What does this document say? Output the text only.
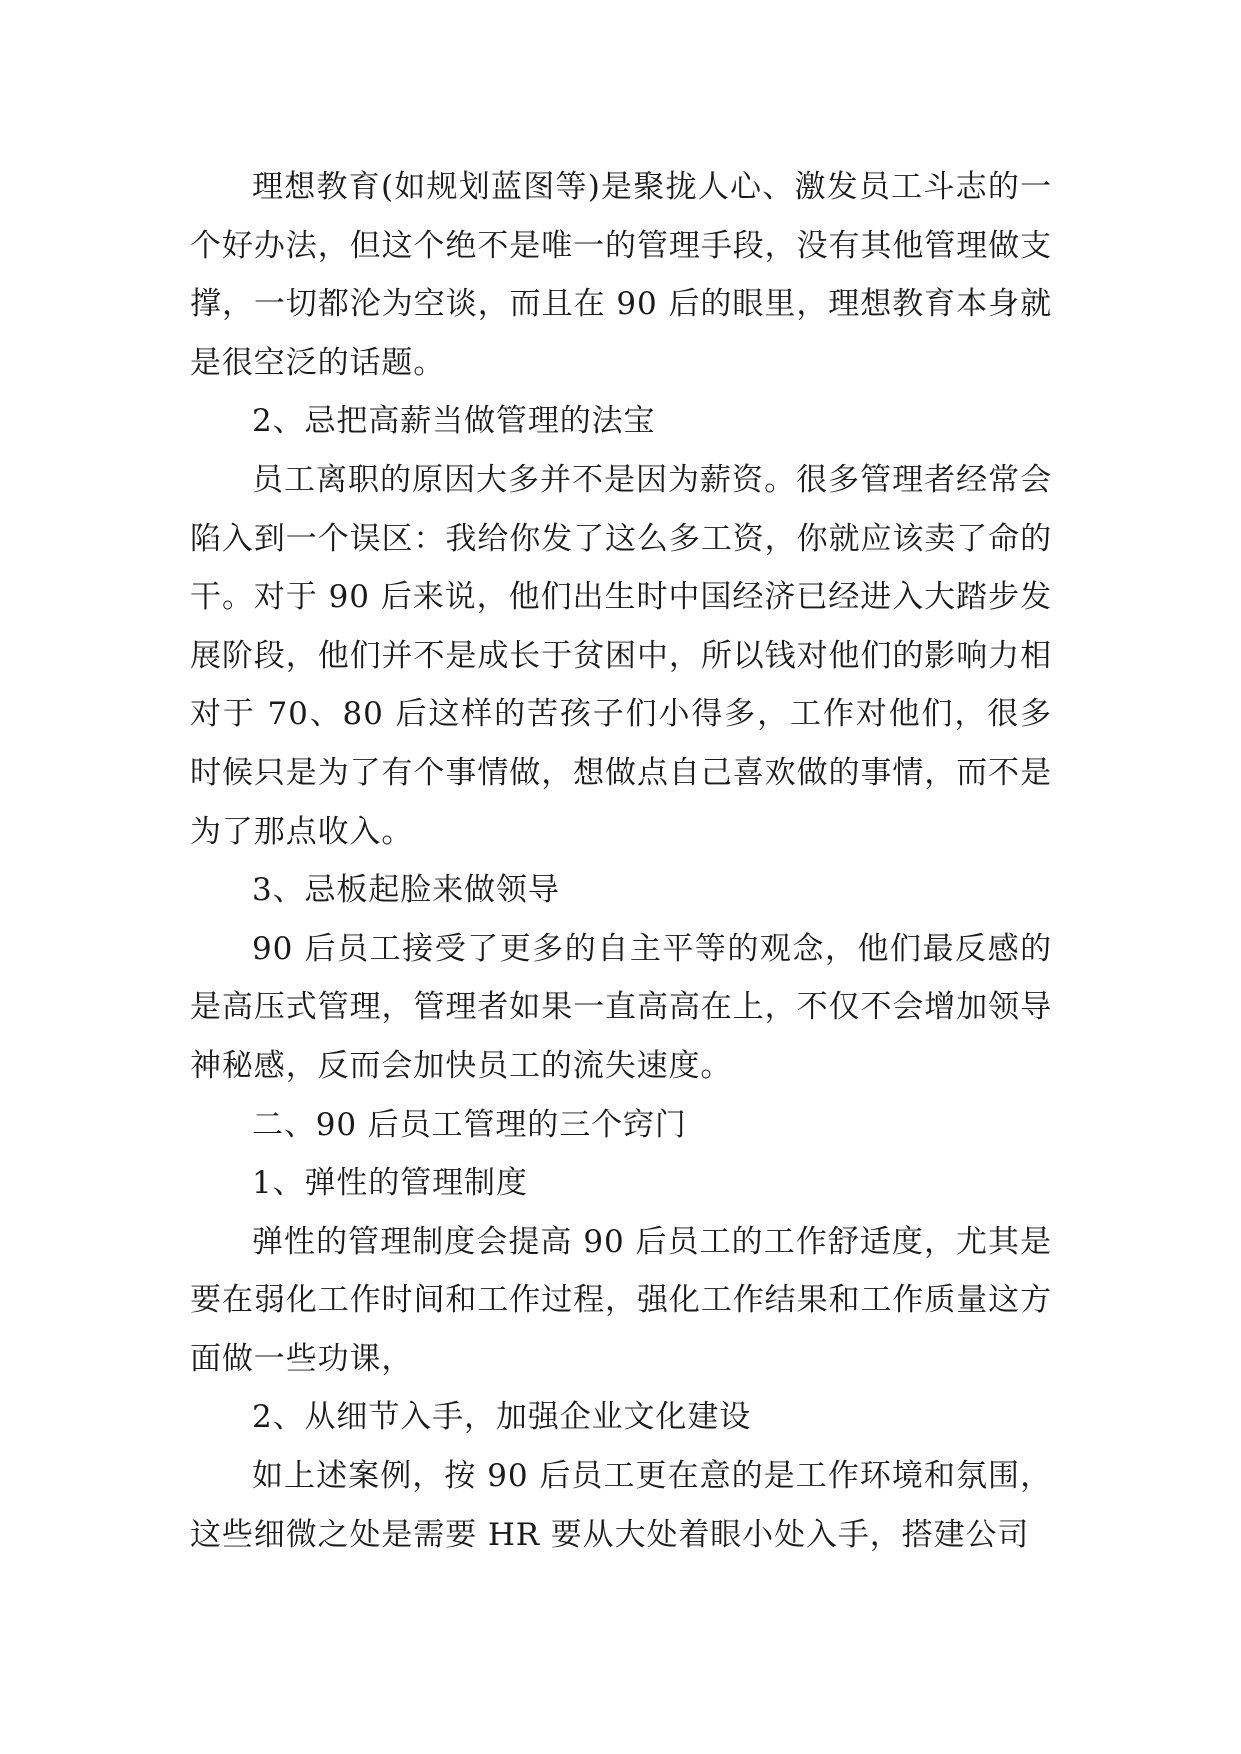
理想教育(如规划蓝图等)是聚拢人心、激发员工斗志的一个好办法，但这个绝不是唯一的管理手段，没有其他管理做支撑，一切都沦为空谈，而且在 90 后的眼里，理想教育本身就是很空泛的话题。

2、忌把高薪当做管理的法宝

员工离职的原因大多并不是因为薪资。很多管理者经常会陷入到一个误区：我给你发了这么多工资，你就应该卖了命的干。对于 90 后来说，他们出生时中国经济已经进入大踏步发展阶段，他们并不是成长于贫困中，所以钱对他们的影响力相对于 70、80 后这样的苦孩子们小得多，工作对他们，很多时候只是为了有个事情做，想做点自己喜欢做的事情，而不是为了那点收入。

3、忌板起脸来做领导

90 后员工接受了更多的自主平等的观念，他们最反感的是高压式管理，管理者如果一直高高在上，不仅不会增加领导神秘感，反而会加快员工的流失速度。

二、90 后员工管理的三个窍门

1、弹性的管理制度

弹性的管理制度会提高 90 后员工的工作舒适度，尤其是要在弱化工作时间和工作过程，强化工作结果和工作质量这方面做一些功课，

2、从细节入手，加强企业文化建设

如上述案例，按 90 后员工更在意的是工作环境和氛围，这些细微之处是需要 HR 要从大处着眼小处入手，搭建公司
